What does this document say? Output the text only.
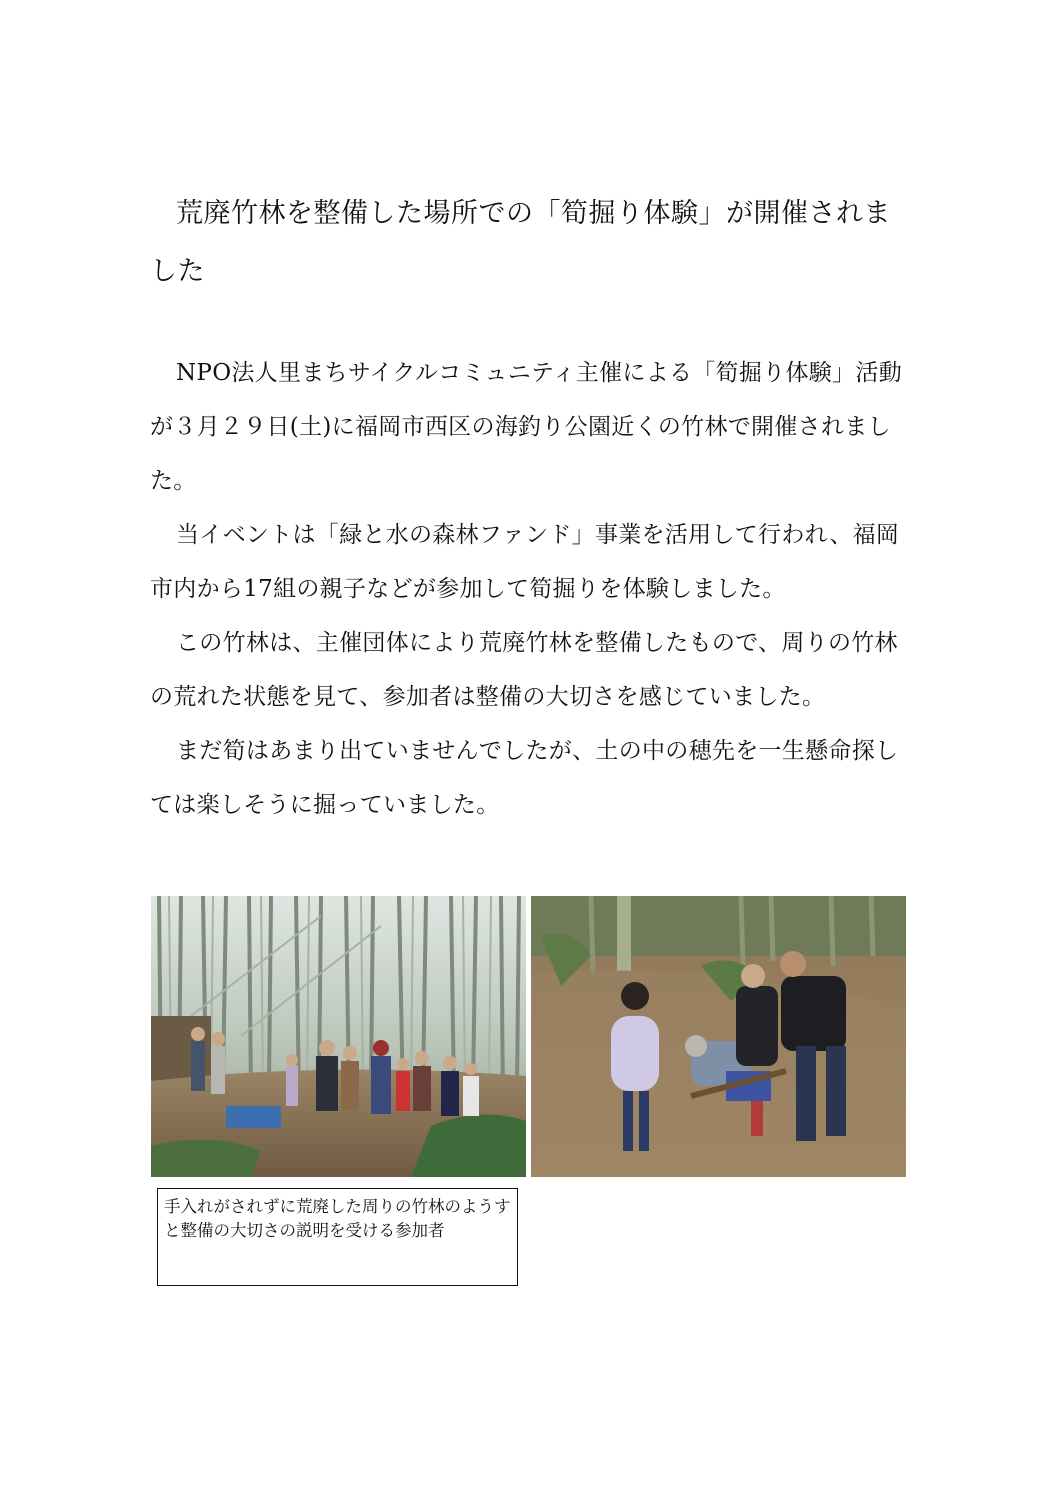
荒廃竹林を整備した場所での「筍掘り体験」が開催されました

NPO法人里まちサイクルコミュニティ主催による「筍掘り体験」活動が３月２９日(土)に福岡市西区の海釣り公園近くの竹林で開催されました。

当イベントは「緑と水の森林ファンド」事業を活用して行われ、福岡市内から17組の親子などが参加して筍掘りを体験しました。

この竹林は、主催団体により荒廃竹林を整備したもので、周りの竹林の荒れた状態を見て、参加者は整備の大切さを感じていました。

まだ筍はあまり出ていませんでしたが、土の中の穂先を一生懸命探しては楽しそうに掘っていました。

手入れがされずに荒廃した周りの竹林のようすと整備の大切さの説明を受ける参加者
